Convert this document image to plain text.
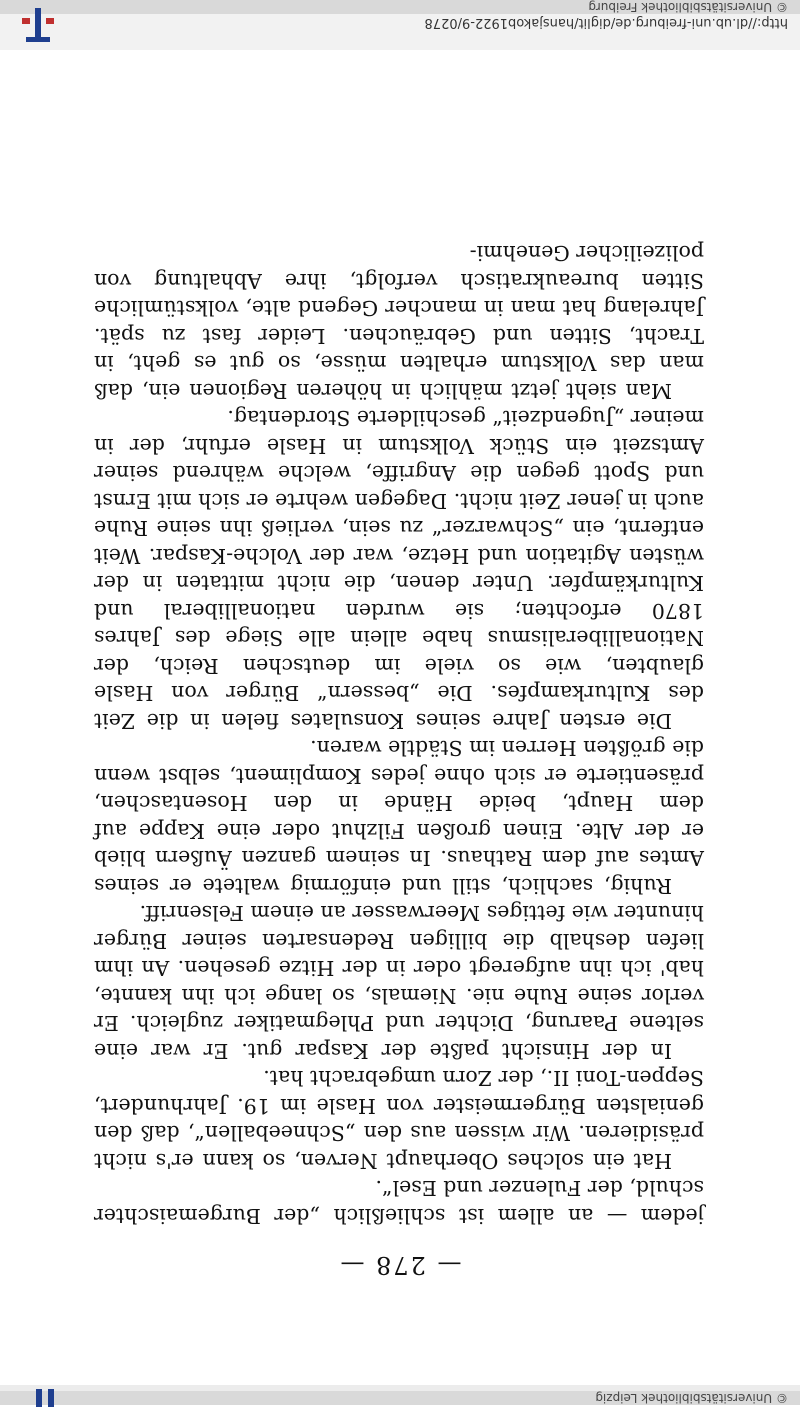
© Universitätsbibliothek Leipzig
— 278 —

jedem — an allem ist schließlich „der Burgemaischter schuld, der Fulenzer und Esel“.

Hat ein solches Oberhaupt Nerven, so kann er's nicht präsidieren. Wir wissen aus den „Schneeballen“, daß den genialsten Bürgermeister von Hasle im 19. Jahrhundert, Seppen-Toni II., der Zorn umgebracht hat.

In der Hinsicht paßte der Kaspar gut. Er war eine seltene Paarung, Dichter und Phlegmatiker zugleich. Er verlor seine Ruhe nie. Niemals, so lange ich ihn kannte, hab' ich ihn aufgeregt oder in der Hitze gesehen. An ihm liefen deshalb die billigen Redensarten seiner Bürger hinunter wie fettiges Meerwasser an einem Felsenriff.

Ruhig, sachlich, still und einförmig waltete er seines Amtes auf dem Rathaus. In seinem ganzen Äußern blieb er der Alte. Einen großen Filzhut oder eine Kappe auf dem Haupt, beide Hände in den Hosentaschen, präsentierte er sich ohne jedes Kompliment, selbst wenn die größten Herren im Städtle waren.

Die ersten Jahre seines Konsulates fielen in die Zeit des Kulturkampfes. Die „bessern“ Bürger von Hasle glaubten, wie so viele im deutschen Reich, der Nationalliberalismus habe allein alle Siege des Jahres 1870 erfochten; sie wurden nationalliberal und Kulturkämpfer. Unter denen, die nicht mittaten in der wüsten Agitation und Hetze, war der Volche-Kaspar. Weit entfernt, ein „Schwarzer“ zu sein, verließ ihn seine Ruhe auch in jener Zeit nicht. Dagegen wehrte er sich mit Ernst und Spott gegen die Angriffe, welche während seiner Amtszeit ein Stück Volkstum in Hasle erfuhr, der in meiner „Jugendzeit“ geschilderte Stordentag.

Man sieht jetzt mählich in höheren Regionen ein, daß man das Volkstum erhalten müsse, so gut es geht, in Tracht, Sitten und Gebräuchen. Leider fast zu spät. Jahrelang hat man in mancher Gegend alte, volkstümliche Sitten bureaukratisch verfolgt, ihre Abhaltung von polizeilicher Genehmi-

http://dl.ub.uni-freiburg.de/diglit/hansjakob1922-9/0278
© Universitätsbibliothek Freiburg
